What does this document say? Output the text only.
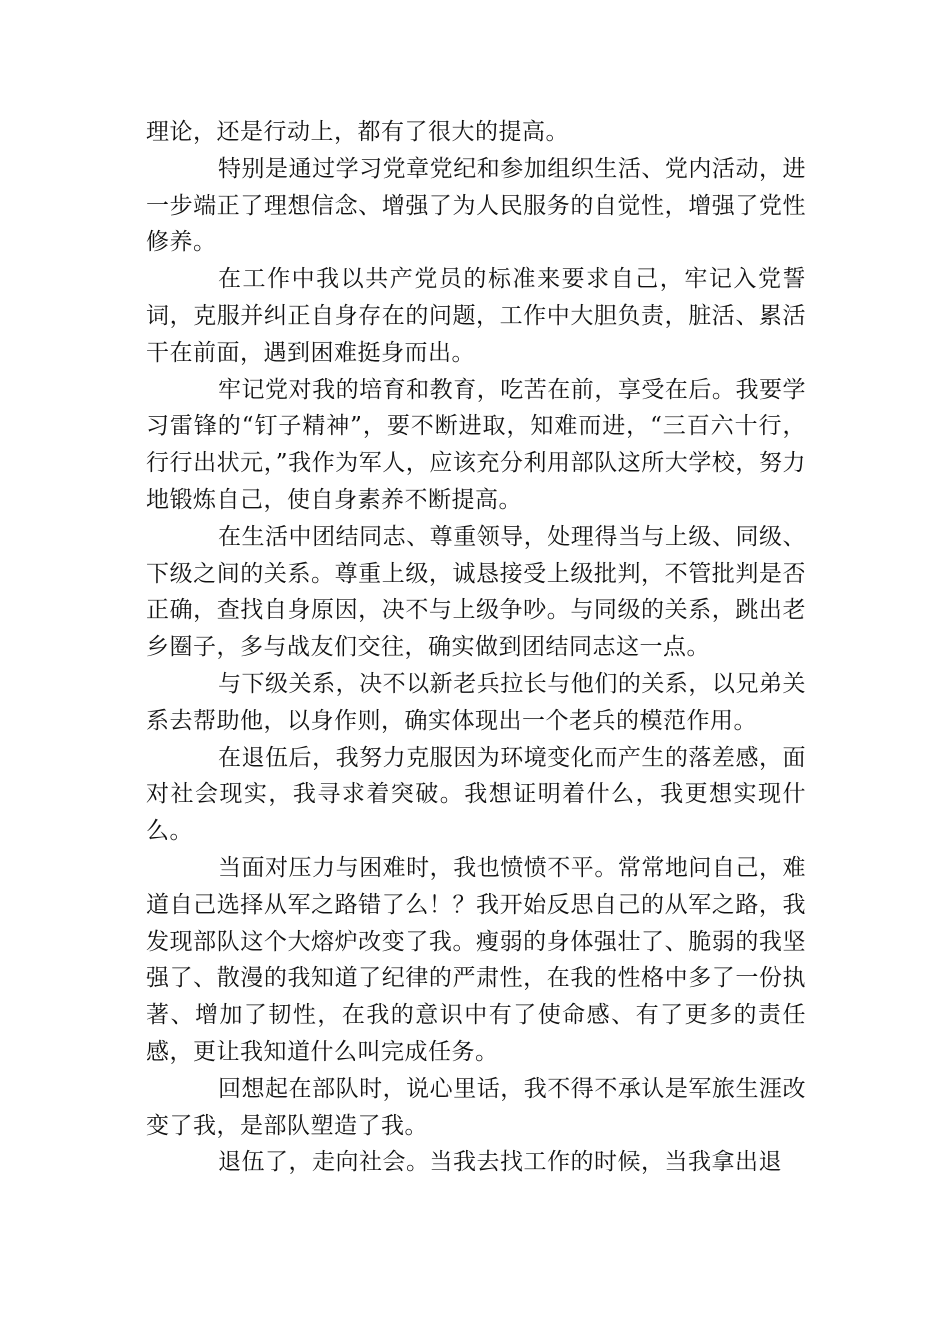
理论，还是行动上，都有了很大的提高。

特别是通过学习党章党纪和参加组织生活、党内活动，进一步端正了理想信念、增强了为人民服务的自觉性，增强了党性修养。

在工作中我以共产党员的标准来要求自己，牢记入党誓词，克服并纠正自身存在的问题，工作中大胆负责，脏活、累活干在前面，遇到困难挺身而出。

牢记党对我的培育和教育，吃苦在前，享受在后。我要学习雷锋的“钉子精神”，要不断进取，知难而进，“三百六十行，行行出状元，”我作为军人，应该充分利用部队这所大学校，努力地锻炼自己，使自身素养不断提高。

在生活中团结同志、尊重领导，处理得当与上级、同级、下级之间的关系。尊重上级，诚恳接受上级批判，不管批判是否正确，查找自身原因，决不与上级争吵。与同级的关系，跳出老乡圈子，多与战友们交往，确实做到团结同志这一点。

与下级关系，决不以新老兵拉长与他们的关系，以兄弟关系去帮助他，以身作则，确实体现出一个老兵的模范作用。

在退伍后，我努力克服因为环境变化而产生的落差感，面对社会现实，我寻求着突破。我想证明着什么，我更想实现什么。

当面对压力与困难时，我也愤愤不平。常常地问自己，难道自己选择从军之路错了么！？我开始反思自己的从军之路，我发现部队这个大熔炉改变了我。瘦弱的身体强壮了、脆弱的我坚强了、散漫的我知道了纪律的严肃性，在我的性格中多了一份执著、增加了韧性，在我的意识中有了使命感、有了更多的责任感，更让我知道什么叫完成任务。

回想起在部队时，说心里话，我不得不承认是军旅生涯改变了我，是部队塑造了我。

退伍了，走向社会。当我去找工作的时候，当我拿出退
